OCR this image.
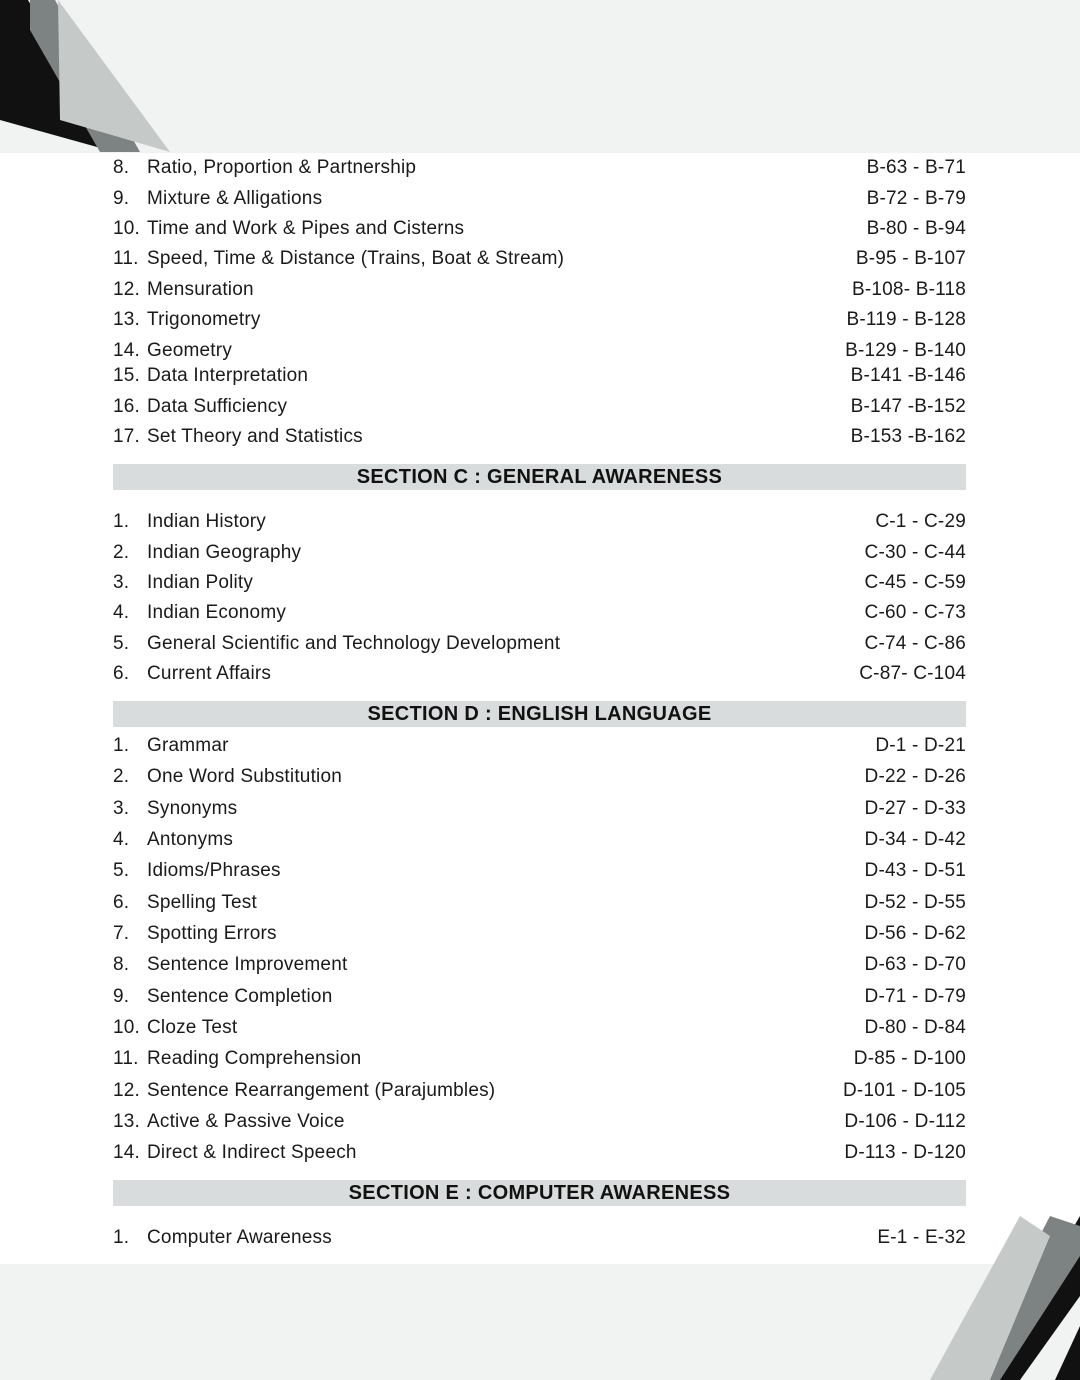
8. Ratio, Proportion & Partnership	B-63 - B-71
9. Mixture & Alligations	B-72 - B-79
10. Time and Work & Pipes and Cisterns	B-80 - B-94
11. Speed, Time & Distance (Trains, Boat & Stream)	B-95 - B-107
12. Mensuration	B-108- B-118
13. Trigonometry	B-119 - B-128
14. Geometry	B-129 - B-140
15. Data Interpretation	B-141 -B-146
16. Data Sufficiency	B-147 -B-152
17. Set Theory and Statistics	B-153 -B-162
SECTION C : GENERAL AWARENESS
1. Indian History	C-1 - C-29
2. Indian Geography	C-30 - C-44
3. Indian Polity	C-45 - C-59
4. Indian Economy	C-60 - C-73
5. General Scientific and Technology Development	C-74 - C-86
6. Current Affairs	C-87- C-104
SECTION D : ENGLISH LANGUAGE
1. Grammar	D-1 - D-21
2. One Word Substitution	D-22 - D-26
3. Synonyms	D-27 - D-33
4. Antonyms	D-34 - D-42
5. Idioms/Phrases	D-43 - D-51
6. Spelling Test	D-52 - D-55
7. Spotting Errors	D-56 - D-62
8. Sentence Improvement	D-63 - D-70
9. Sentence Completion	D-71 - D-79
10. Cloze Test	D-80 - D-84
11. Reading Comprehension	D-85 - D-100
12. Sentence Rearrangement (Parajumbles)	D-101 - D-105
13. Active & Passive Voice	D-106 - D-112
14. Direct & Indirect Speech	D-113 - D-120
SECTION E : COMPUTER AWARENESS
1. Computer Awareness	E-1 - E-32
